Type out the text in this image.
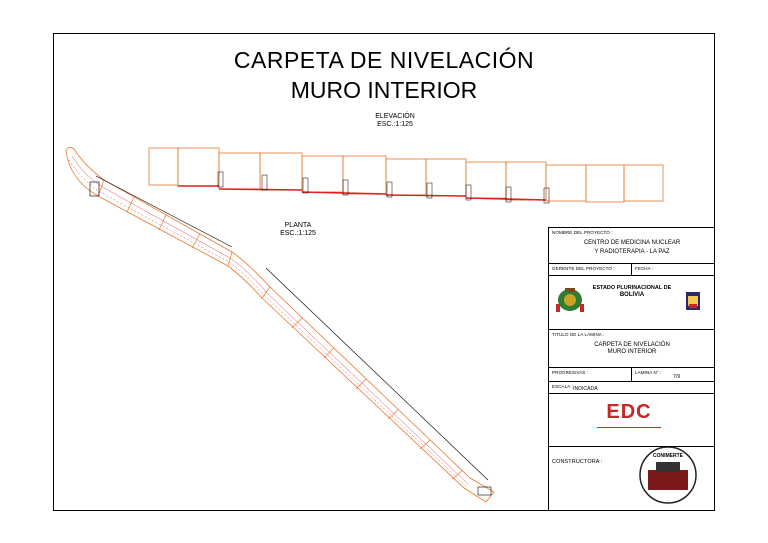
CARPETA DE NIVELACIÓN
MURO INTERIOR
ELEVACIÓN
ESC.:1:125
PLANTA
ESC.:1:125
CONIMERTE
NOMBRE DEL PROYECTO :
CENTRO DE MEDICINA NUCLEAR
Y RADIOTERAPIA - LA PAZ
GERENTE DEL PROYECTO :	FECHA :
ESTADO PLURINACIONAL DE
BOLIVIA
TITULO DE LA LAMINA :
CARPETA DE NIVELACIÓN
MURO INTERIOR
PROGRESIVAS :	LAMINA N° :
7/9
ESCALA : INDICADA
EDC
CONSTRUCTORA :
